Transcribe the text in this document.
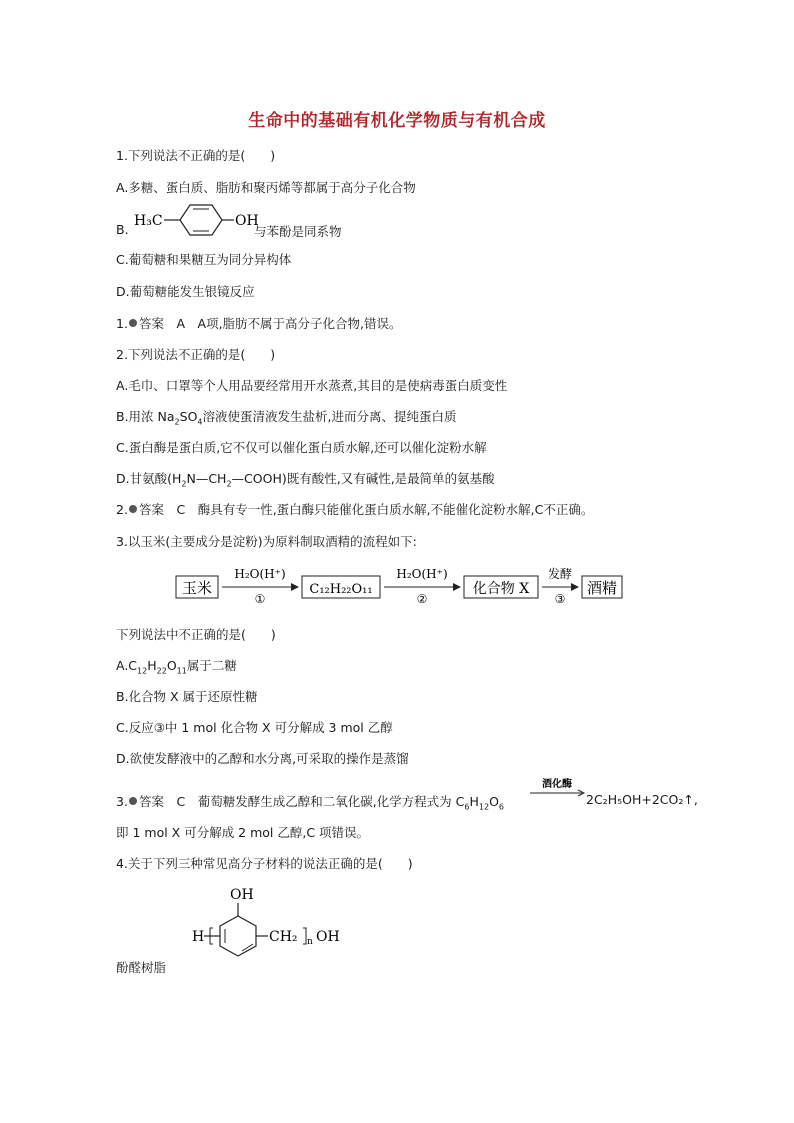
生命中的基础有机化学物质与有机合成
1.下列说法不正确的是(　　)
A.多糖、蛋白质、脂肪和聚丙烯等都属于高分子化合物
B.
H₃C	OH
与苯酚是同系物
C.葡萄糖和果糖互为同分异构体
D.葡萄糖能发生银镜反应
1. 答案　 A　A项,脂肪不属于高分子化合物,错误。
2.下列说法不正确的是(　　)
A.毛巾、口罩等个人用品要经常用开水蒸煮,其目的是使病毒蛋白质变性
B.用浓 $Na_2SO_4$溶液使蛋清液发生盐析,进而分离、提纯蛋白质
C.蛋白酶是蛋白质,它不仅可以催化蛋白质水解,还可以催化淀粉水解
D.甘氨酸$(H_2N—CH_2—COOH)$既有酸性,又有碱性,是最简单的氨基酸
2. 答案　 C　酶具有专一性,蛋白酶只能催化蛋白质水解,不能催化淀粉水解,C不正确。
3.以玉米(主要成分是淀粉)为原料制取酒精的流程如下:
玉米
H₂O(H⁺)
①
C₁₂H₂₂O₁₁
H₂O(H⁺)
②
化合物 X
发酵
③
酒精
下列说法中不正确的是(　　)
$A.C_{12}H_{22}O_{11}$属于二糖
B.化合物 X 属于还原性糖
C.反应③中 1 mol 化合物 X 可分解成 3 mol 乙醇
D.欲使发酵液中的乙醇和水分离,可采取的操作是蒸馏
3. 答案　 C　葡萄糖发酵生成乙醇和二氧化碳,化学方程式为 $C_6H_{12}O_6$
酒化酶
2C₂H₅OH+2CO₂↑,
即 1 mol X 可分解成 2 mol 乙醇,C 项错误。
4.关于下列三种常见高分子材料的说法正确的是(　　)
OH
H	CH₂ n OH
酚醛树脂
